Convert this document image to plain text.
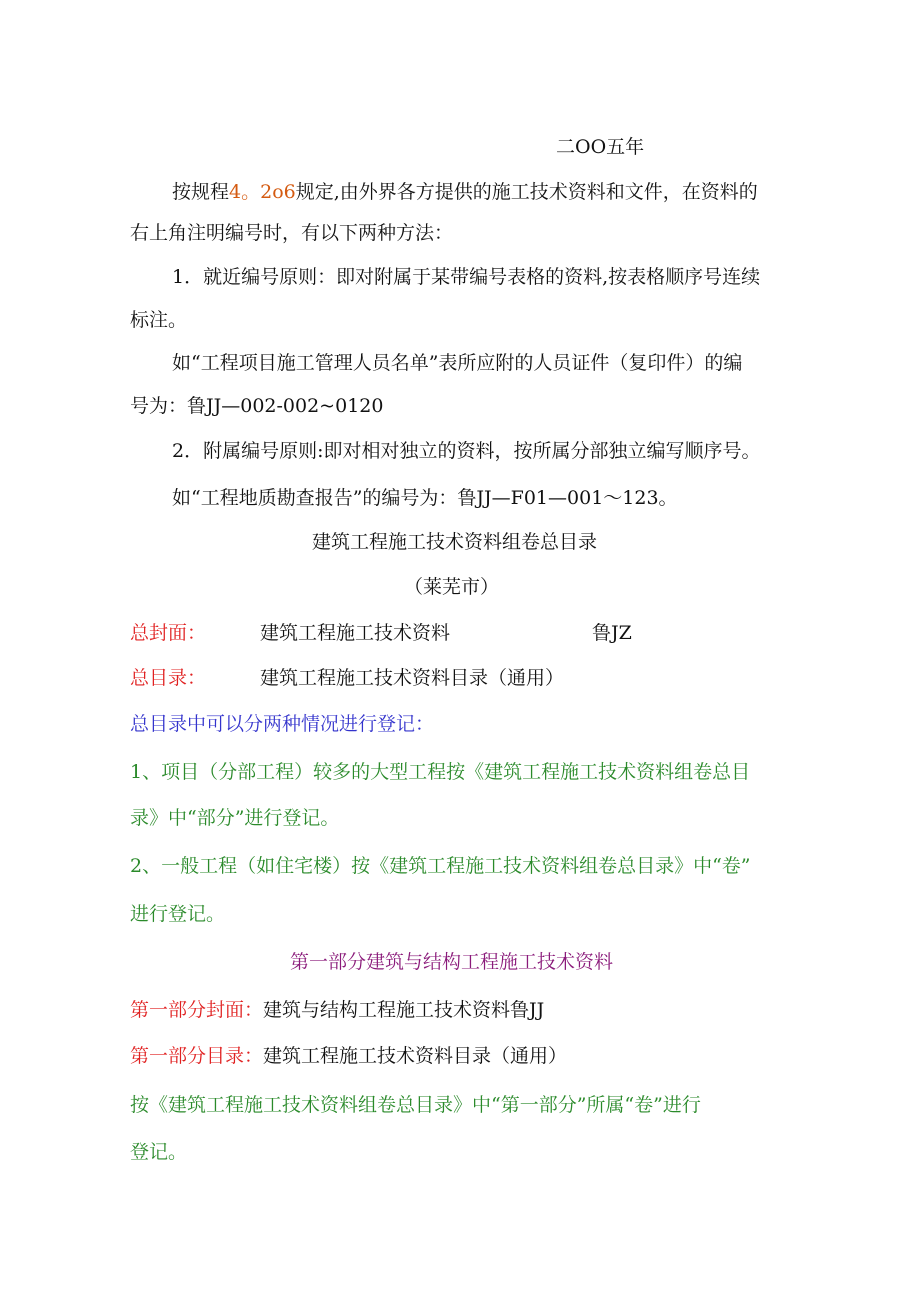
二OO五年
按规程4。2o6规定,由外界各方提供的施工技术资料和文件，在资料的
右上角注明编号时，有以下两种方法：
1．就近编号原则：即对附属于某带编号表格的资料,按表格顺序号连续
标注。
如“工程项目施工管理人员名单”表所应附的人员证件（复印件）的编
号为：鲁JJ—002-002~0120
2．附属编号原则:即对相对独立的资料，按所属分部独立编写顺序号。
如“工程地质勘查报告”的编号为：鲁JJ—F01—001～123。
建筑工程施工技术资料组卷总目录
（莱芜市）
总封面：	建筑工程施工技术资料	鲁JZ
总目录：	建筑工程施工技术资料目录（通用）
总目录中可以分两种情况进行登记：
1、项目（分部工程）较多的大型工程按《建筑工程施工技术资料组卷总目
录》中“部分”进行登记。
2、一般工程（如住宅楼）按《建筑工程施工技术资料组卷总目录》中“卷”
进行登记。
第一部分建筑与结构工程施工技术资料
第一部分封面：建筑与结构工程施工技术资料鲁JJ
第一部分目录：建筑工程施工技术资料目录（通用）
按《建筑工程施工技术资料组卷总目录》中“第一部分”所属“卷”进行
登记。
